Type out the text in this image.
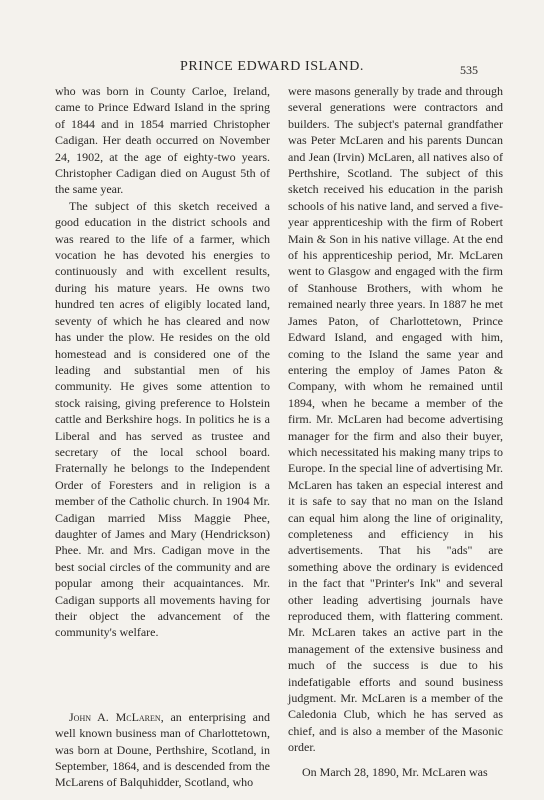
PRINCE EDWARD ISLAND.	535

who was born in County Carloe, Ireland, came to Prince Edward Island in the spring of 1844 and in 1854 married Christopher Cadigan. Her death occurred on November 24, 1902, at the age of eighty-two years. Christopher Cadigan died on August 5th of the same year.

The subject of this sketch received a good education in the district schools and was reared to the life of a farmer, which vocation he has devoted his energies to continuously and with excellent results, during his mature years. He owns two hundred ten acres of eligibly located land, seventy of which he has cleared and now has under the plow. He resides on the old homestead and is considered one of the leading and substantial men of his community. He gives some attention to stock raising, giving preference to Holstein cattle and Berkshire hogs. In politics he is a Liberal and has served as trustee and secretary of the local school board. Fraternally he belongs to the Independent Order of Foresters and in religion is a member of the Catholic church. In 1904 Mr. Cadigan married Miss Maggie Phee, daughter of James and Mary (Hendrickson) Phee. Mr. and Mrs. Cadigan move in the best social circles of the community and are popular among their acquaintances. Mr. Cadigan supports all movements having for their object the advancement of the community's welfare.

John A. McLaren, an enterprising and well known business man of Charlottetown, was born at Doune, Perthshire, Scotland, in September, 1864, and is descended from the McLarens of Balquhidder, Scotland, who

were masons generally by trade and through several generations were contractors and builders. The subject's paternal grandfather was Peter McLaren and his parents Duncan and Jean (Irvin) McLaren, all natives also of Perthshire, Scotland. The subject of this sketch received his education in the parish schools of his native land, and served a five-year apprenticeship with the firm of Robert Main & Son in his native village. At the end of his apprenticeship period, Mr. McLaren went to Glasgow and engaged with the firm of Stanhouse Brothers, with whom he remained nearly three years. In 1887 he met James Paton, of Charlottetown, Prince Edward Island, and engaged with him, coming to the Island the same year and entering the employ of James Paton & Company, with whom he remained until 1894, when he became a member of the firm. Mr. McLaren had become advertising manager for the firm and also their buyer, which necessitated his making many trips to Europe. In the special line of advertising Mr. McLaren has taken an especial interest and it is safe to say that no man on the Island can equal him along the line of originality, completeness and efficiency in his advertisements. That his "ads" are something above the ordinary is evidenced in the fact that "Printer's Ink" and several other leading advertising journals have reproduced them, with flattering comment. Mr. McLaren takes an active part in the management of the extensive business and much of the success is due to his indefatigable efforts and sound business judgment. Mr. McLaren is a member of the Caledonia Club, which he has served as chief, and is also a member of the Masonic order.

On March 28, 1890, Mr. McLaren was
